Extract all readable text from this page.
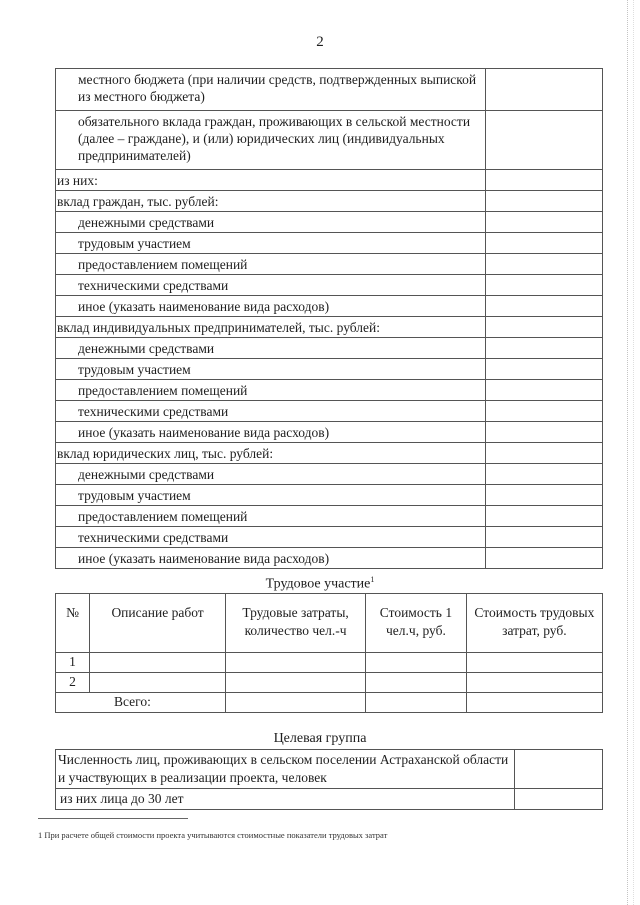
2
местного бюджета (при наличии средств, подтвержденных выпиской из местного бюджета)	
обязательного вклада граждан, проживающих в сельской местности (далее – граждане), и (или) юридических лиц (индивидуальных предпринимателей)	
из них:	
вклад граждан, тыс. рублей:	
денежными средствами	
трудовым участием	
предоставлением помещений	
техническими средствами	
иное (указать наименование вида расходов)	
вклад индивидуальных предпринимателей, тыс. рублей:	
денежными средствами	
трудовым участием	
предоставлением помещений	
техническими средствами	
иное (указать наименование вида расходов)	
вклад юридических лиц, тыс. рублей:	
денежными средствами	
трудовым участием	
предоставлением помещений	
техническими средствами	
иное (указать наименование вида расходов)	
Трудовое участие$^1$
№	Описание работ	Трудовые затраты, количество чел.-ч	Стоимость 1 чел.ч, руб.	Стоимость трудовых затрат, руб.
1				
2				
Всего:				
Целевая группа
Численность лиц, проживающих в сельском поселении Астраханской области и участвующих в реализации проекта, человек	
из них лица до 30 лет	
1 При расчете общей стоимости проекта учитываются стоимостные показатели трудовых затрат
